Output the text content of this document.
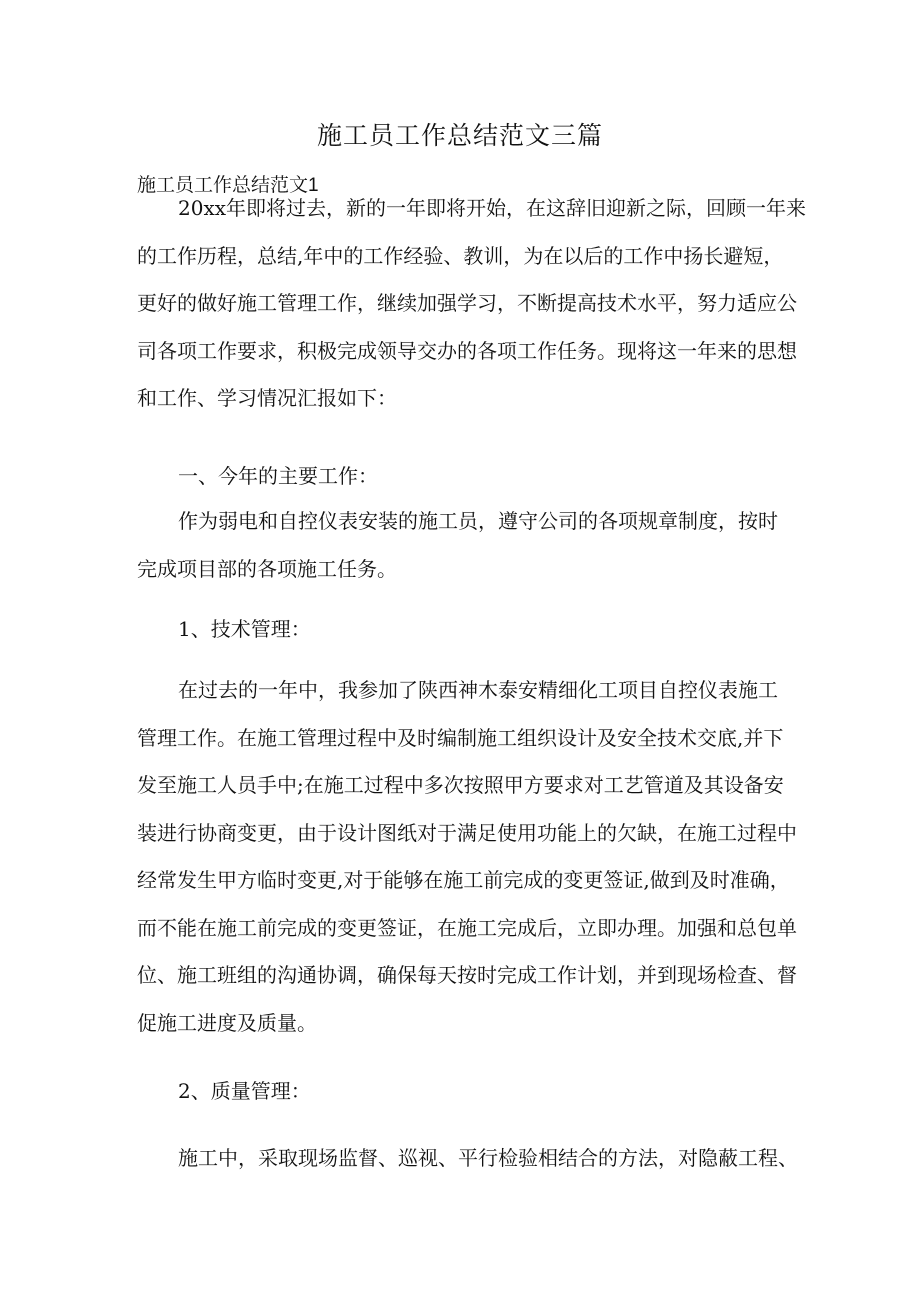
施工员工作总结范文三篇
施工员工作总结范文1
20xx年即将过去，新的一年即将开始，在这辞旧迎新之际，回顾一年来
的工作历程，总结,年中的工作经验、教训，为在以后的工作中扬长避短，
更好的做好施工管理工作，继续加强学习，不断提高技术水平，努力适应公
司各项工作要求，积极完成领导交办的各项工作任务。现将这一年来的思想
和工作、学习情况汇报如下：
一、今年的主要工作：
作为弱电和自控仪表安装的施工员，遵守公司的各项规章制度，按时
完成项目部的各项施工任务。
1、技术管理：
在过去的一年中，我参加了陕西神木泰安精细化工项目自控仪表施工
管理工作。在施工管理过程中及时编制施工组织设计及安全技术交底,并下
发至施工人员手中;在施工过程中多次按照甲方要求对工艺管道及其设备安
装进行协商变更，由于设计图纸对于满足使用功能上的欠缺，在施工过程中
经常发生甲方临时变更,对于能够在施工前完成的变更签证,做到及时准确，
而不能在施工前完成的变更签证，在施工完成后，立即办理。加强和总包单
位、施工班组的沟通协调，确保每天按时完成工作计划，并到现场检查、督
促施工进度及质量。
2、质量管理：
施工中，采取现场监督、巡视、平行检验相结合的方法，对隐蔽工程、
